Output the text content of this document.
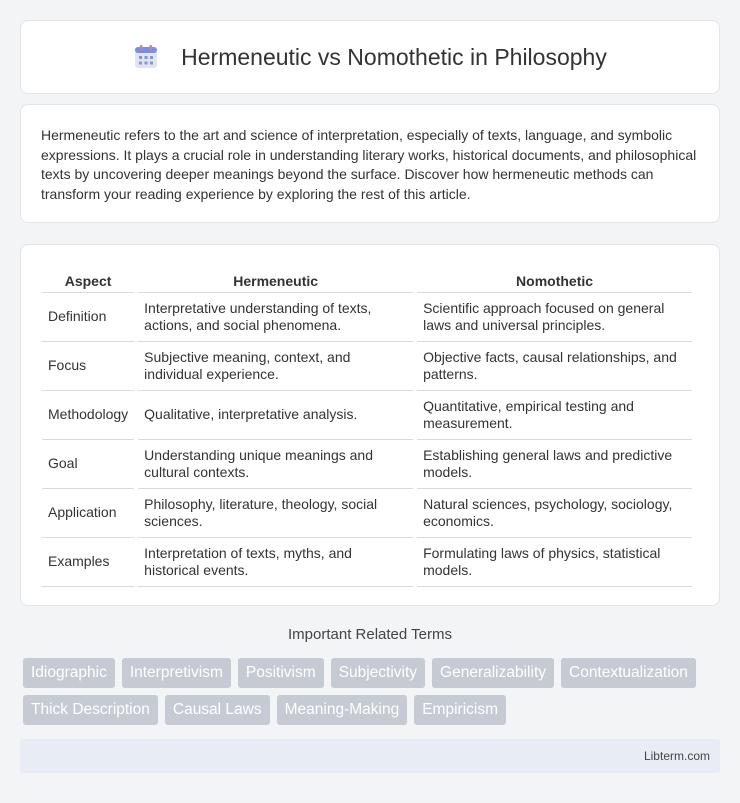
Hermeneutic vs Nomothetic in Philosophy

Hermeneutic refers to the art and science of interpretation, especially of texts, language, and symbolic expressions. It plays a crucial role in understanding literary works, historical documents, and philosophical texts by uncovering deeper meanings beyond the surface. Discover how hermeneutic methods can transform your reading experience by exploring the rest of this article.

Aspect	Hermeneutic	Nomothetic
Definition	Interpretative understanding of texts, actions, and social phenomena.	Scientific approach focused on general laws and universal principles.
Focus	Subjective meaning, context, and individual experience.	Objective facts, causal relationships, and patterns.
Methodology	Qualitative, interpretative analysis.	Quantitative, empirical testing and measurement.
Goal	Understanding unique meanings and cultural contexts.	Establishing general laws and predictive models.
Application	Philosophy, literature, theology, social sciences.	Natural sciences, psychology, sociology, economics.
Examples	Interpretation of texts, myths, and historical events.	Formulating laws of physics, statistical models.
Important Related Terms
Idiographic	Interpretivism	Positivism	Subjectivity	Generalizability	Contextualization
Thick Description	Causal Laws	Meaning-Making	Empiricism
Libterm.com
